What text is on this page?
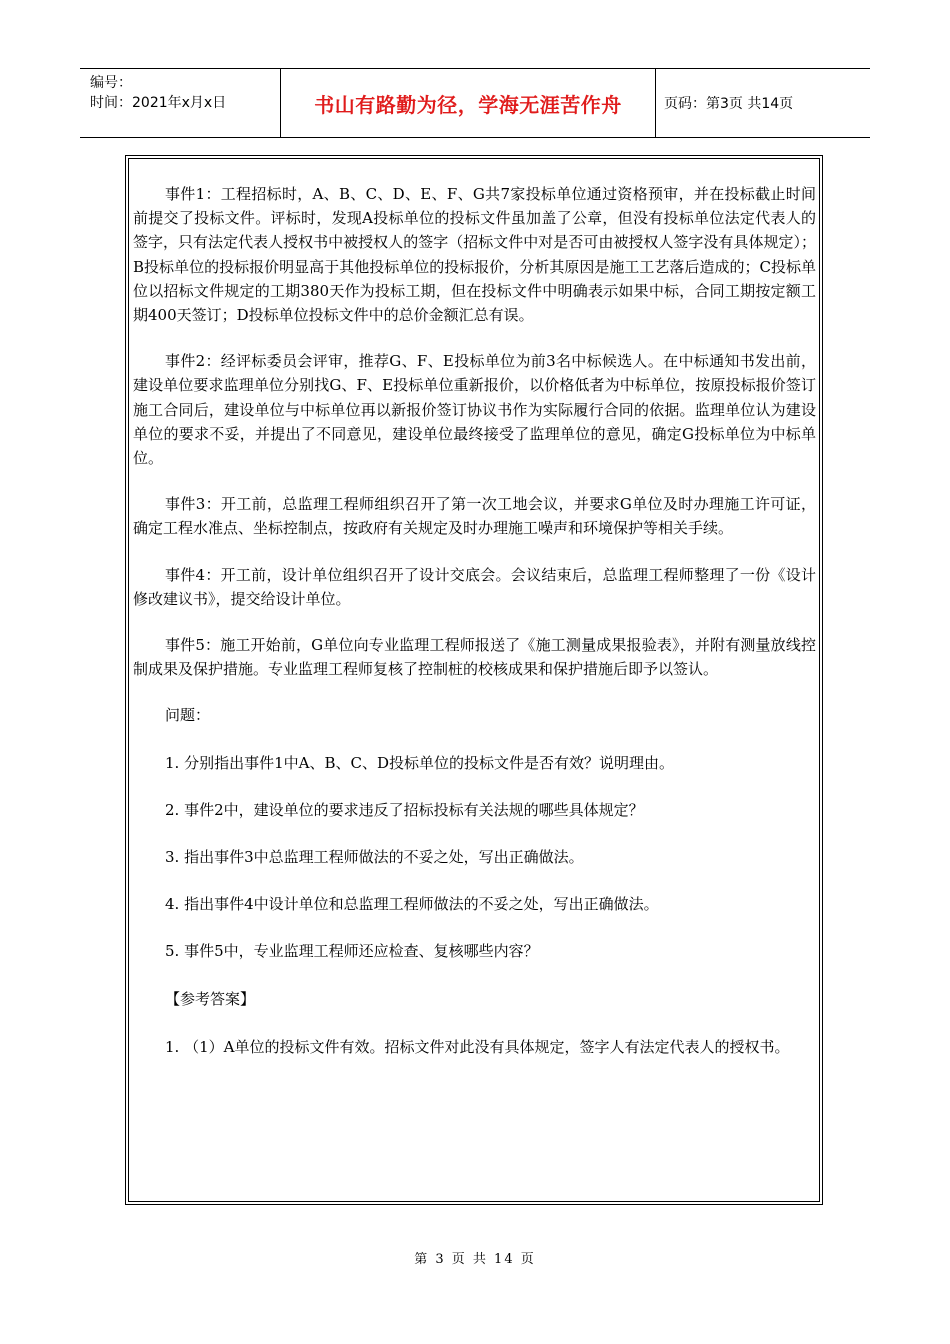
编号：
时间：2021年x月x日	书山有路勤为径，学海无涯苦作舟	页码：第3页 共14页

事件1：工程招标时，A、B、C、D、E、F、G共7家投标单位通过资格预审，并在投标截止时间前提交了投标文件。评标时，发现A投标单位的投标文件虽加盖了公章，但没有投标单位法定代表人的签字，只有法定代表人授权书中被授权人的签字（招标文件中对是否可由被授权人签字没有具体规定）；B投标单位的投标报价明显高于其他投标单位的投标报价，分析其原因是施工工艺落后造成的；C投标单位以招标文件规定的工期380天作为投标工期，但在投标文件中明确表示如果中标，合同工期按定额工期400天签订；D投标单位投标文件中的总价金额汇总有误。

事件2：经评标委员会评审，推荐G、F、E投标单位为前3名中标候选人。在中标通知书发出前，建设单位要求监理单位分别找G、F、E投标单位重新报价，以价格低者为中标单位，按原投标报价签订施工合同后，建设单位与中标单位再以新报价签订协议书作为实际履行合同的依据。监理单位认为建设单位的要求不妥，并提出了不同意见，建设单位最终接受了监理单位的意见，确定G投标单位为中标单位。

事件3：开工前，总监理工程师组织召开了第一次工地会议，并要求G单位及时办理施工许可证，确定工程水准点、坐标控制点，按政府有关规定及时办理施工噪声和环境保护等相关手续。

事件4：开工前，设计单位组织召开了设计交底会。会议结束后，总监理工程师整理了一份《设计修改建议书》，提交给设计单位。

事件5：施工开始前，G单位向专业监理工程师报送了《施工测量成果报验表》，并附有测量放线控制成果及保护措施。专业监理工程师复核了控制桩的校核成果和保护措施后即予以签认。

问题：

1. 分别指出事件1中A、B、C、D投标单位的投标文件是否有效？说明理由。

2. 事件2中，建设单位的要求违反了招标投标有关法规的哪些具体规定？

3. 指出事件3中总监理工程师做法的不妥之处，写出正确做法。

4. 指出事件4中设计单位和总监理工程师做法的不妥之处，写出正确做法。

5. 事件5中，专业监理工程师还应检查、复核哪些内容？

【参考答案】

1. （1）A单位的投标文件有效。招标文件对此没有具体规定，签字人有法定代表人的授权书。

第 3 页 共 14 页
